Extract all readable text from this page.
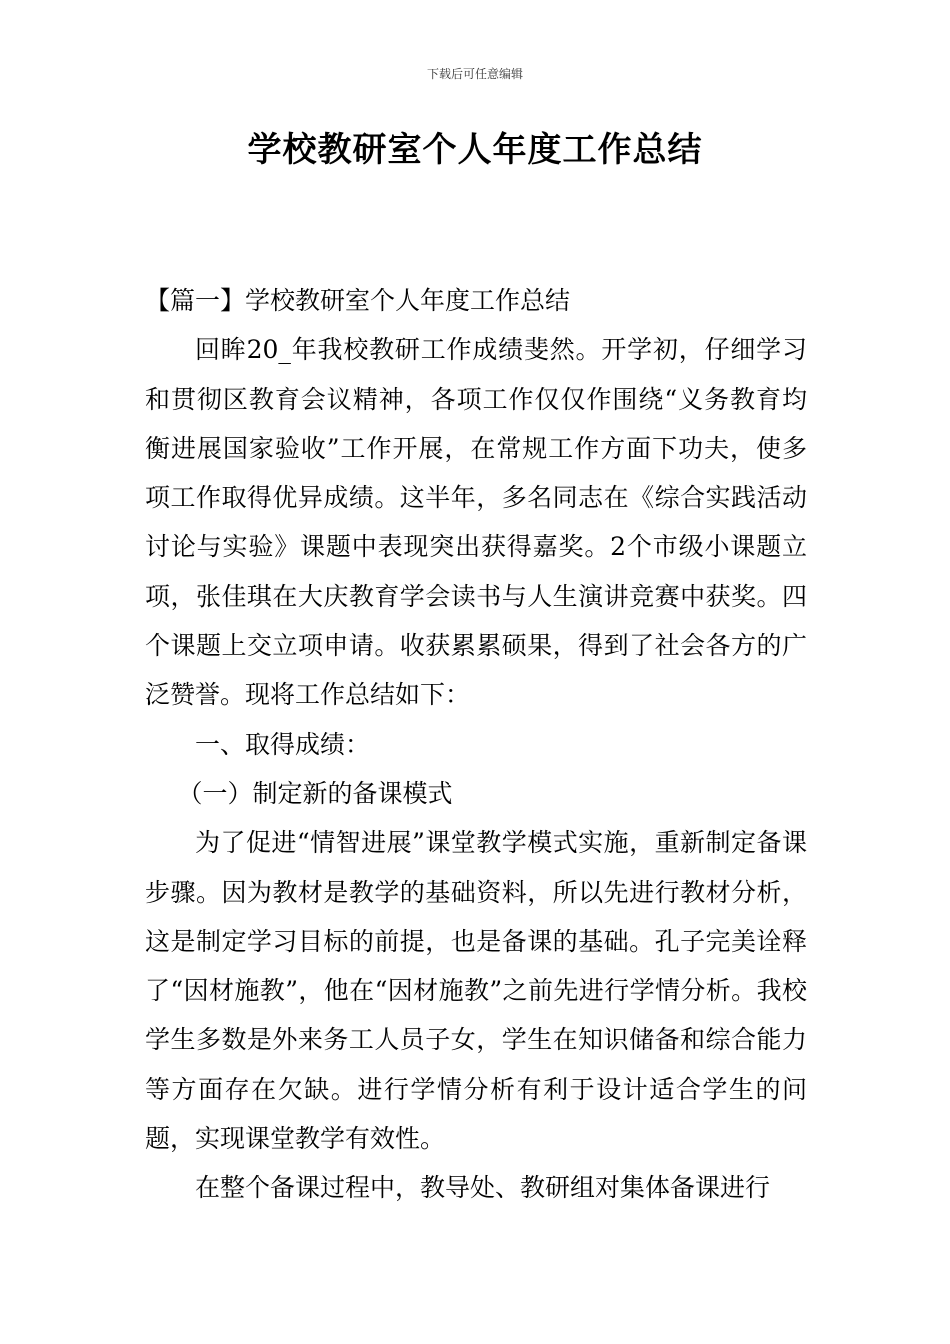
下载后可任意编辑
学校教研室个人年度工作总结

【篇一】学校教研室个人年度工作总结

回眸20_年我校教研工作成绩斐然。开学初，仔细学习和贯彻区教育会议精神，各项工作仅仅作围绕“义务教育均衡进展国家验收”工作开展，在常规工作方面下功夫，使多项工作取得优异成绩。这半年，多名同志在《综合实践活动讨论与实验》课题中表现突出获得嘉奖。2个市级小课题立项，张佳琪在大庆教育学会读书与人生演讲竞赛中获奖。四个课题上交立项申请。收获累累硕果，得到了社会各方的广泛赞誉。现将工作总结如下：

一、取得成绩：

（一）制定新的备课模式

为了促进“情智进展”课堂教学模式实施，重新制定备课步骤。因为教材是教学的基础资料，所以先进行教材分析，这是制定学习目标的前提，也是备课的基础。孔子完美诠释了“因材施教”，他在“因材施教”之前先进行学情分析。我校学生多数是外来务工人员子女，学生在知识储备和综合能力等方面存在欠缺。进行学情分析有利于设计适合学生的问题，实现课堂教学有效性。

在整个备课过程中，教导处、教研组对集体备课进行
